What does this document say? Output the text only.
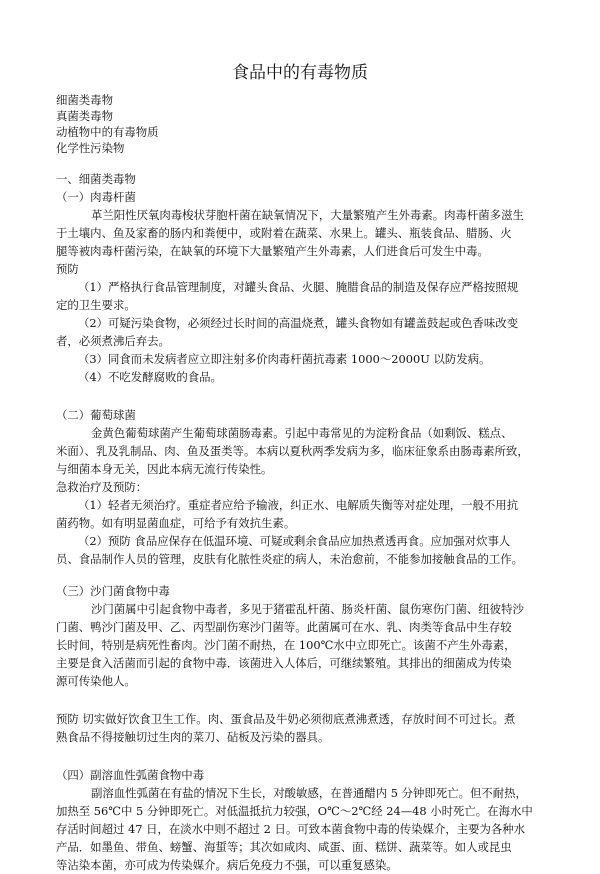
食品中的有毒物质
细菌类毒物
真菌类毒物
动植物中的有毒物质
化学性污染物
一、细菌类毒物
（一）肉毒杆菌
革兰阳性厌氧肉毒梭状芽胞杆菌在缺氧情况下，大量繁殖产生外毒素。肉毒杆菌多滋生
于土壤内、鱼及家畜的肠内和粪便中，或附着在蔬菜、水果上。罐头、瓶装食品、腊肠、火
腿等被肉毒杆菌污染，在缺氧的环境下大量繁殖产生外毒素，人们进食后可发生中毒。
预防
（1）严格执行食品管理制度，对罐头食品、火腿、腌腊食品的制造及保存应严格按照规
定的卫生要求。
（2）可疑污染食物，必须经过长时间的高温烧煮，罐头食物如有罐盖鼓起或色香味改变
者，必须煮沸后弃去。
（3）同食而未发病者应立即注射多价肉毒杆菌抗毒素 1000～2000U 以防发病。
（4）不吃发酵腐败的食品。
（二）葡萄球菌
金黄色葡萄球菌产生葡萄球菌肠毒素。引起中毒常见的为淀粉食品（如剩饭、糕点、
米面）、乳及乳制品、肉、鱼及蛋类等。本病以夏秋两季发病为多，临床征象系由肠毒素所致，
与细菌本身无关，因此本病无流行传染性。
急救治疗及预防：
（1）轻者无须治疗。重症者应给予输液，纠正水、电解质失衡等对症处理，一般不用抗
菌药物。如有明显菌血症，可给予有效抗生素。
（2）预防 食品应保存在低温环境、可疑或剩余食品应加热煮透再食。应加强对炊事人
员、食品制作人员的管理，皮肤有化脓性炎症的病人，未治愈前，不能参加接触食品的工作。
（三）沙门菌食物中毒
沙门菌属中引起食物中毒者，多见于猪霍乱杆菌、肠炎杆菌、鼠伤寒伤门菌、纽彼特沙
门菌、鸭沙门菌及甲、乙、丙型副伤寒沙门菌等。此菌属可在水、乳、肉类等食品中生存较
长时间，特别是病死性畜肉。沙门菌不耐热，在 100℃水中立即死亡。该菌不产生外毒素，
主要是食入活菌而引起的食物中毒．该菌进入人体后，可继续繁殖。其排出的细菌成为传染
源可传染他人。
预防 切实做好饮食卫生工作。肉、蛋食品及牛奶必须彻底煮沸煮透，存放时间不可过长。煮
熟食品不得接触切过生肉的菜刀、砧板及污染的器具。
（四）副溶血性弧菌食物中毒
副溶血性弧菌在有盐的情况下生长，对酸敏感，在普通醋内 5 分钟即死亡。但不耐热，
加热至 56℃中 5 分钟即死亡。对低温抵抗力较强，O℃～2℃经 24—48 小时死亡。在海水中
存活时间超过 47 日，在淡水中则不超过 2 日。可致本菌食物中毒的传染媒介，主要为各种水
产品．如墨鱼、带鱼、螃蟹、海蜇等；其次如咸肉、咸蛋、面、糕饼、蔬菜等。如人或昆虫
等沾染本菌，亦可成为传染媒介。病后免疫力不强，可以重复感染。
